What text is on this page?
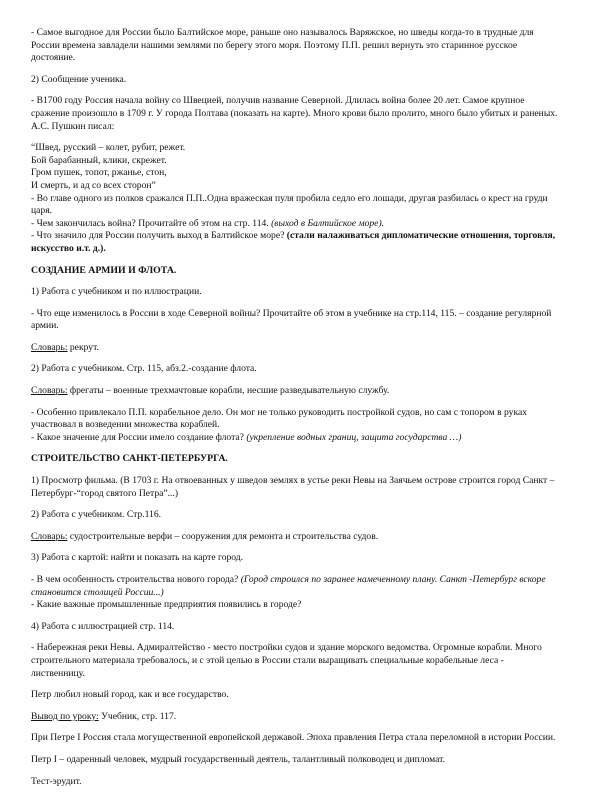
- Самое выгодное для России было Балтийское море, раньше оно называлось Варяжское, но шведы когда-то в трудные для России времена завладели нашими землями по берегу этого моря. Поэтому П.П. решил вернуть это старинное русское достояние.

2) Сообщение ученика.

- В1700 году Россия начала войну со Швецией, получив название Северной. Длилась война более 20 лет. Самое крупное сражение произошло в 1709 г. У города Полтава (показать на карте). Много крови было пролито, много было убитых и раненых. А.С. Пушкин писал:

“Швед, русский – колет, рубит, режет.
Бой барабанный, клики, скрежет.
Гром пушек, топот, ржанье, стон,
И смерть, и ад со всех сторон”

- Во главе одного из полков сражался П.П..Одна вражеская пуля пробила седло его лошади, другая разбилась о крест на груди царя.

- Чем закончилась война? Прочитайте об этом на стр. 114. (выход в Балтийское море).

- Что значило для России получить выход в Балтийское море? (стали налаживаться дипломатические отношения, торговля, искусство и.т. д.).

СОЗДАНИЕ АРМИИ И ФЛОТА.

1) Работа с учебником и по иллюстрации.

- Что еще изменилось в России в ходе Северной войны? Прочитайте об этом в учебнике на стр.114, 115. – создание регулярной армии.

Словарь: рекрут.

2) Работа с учебником. Стр. 115, абз.2.-создание флота.

Словарь: фрегаты – военные трехмачтовые корабли, несшие разведывательную службу.

- Особенно привлекало П.П. корабельное дело. Он мог не только руководить постройкой судов, но сам с топором в руках участвовал в возведении множества кораблей.

- Какое значение для России имело создание флота? (укрепление водных границ, защита государства …)

СТРОИТЕЛЬСТВО САНКТ-ПЕТЕРБУРГА.

1) Просмотр фильма. (В 1703 г. На отвоеванных у шведов землях в устье реки Невы на Заячьем острове строится город Санкт –Петербург-“город святого Петра”...)

2) Работа с учебником. Стр.116.

Словарь: судостроительные верфи – сооружения для ремонта и строительства судов.

3) Работа с картой: найти и показать на карте город.

- В чем особенность строительства нового города? (Город строился по заранее намеченному плану. Санкт -Петербург вскоре становится столицей России...)

- Какие важные промышленные предприятия появились в городе?

4) Работа с иллюстрацией стр. 114.

- Набережная реки Невы. Адмиралтейство - место постройки судов и здание морского ведомства. Огромные корабли. Много строительного материала требовалось, и с этой целью в России стали выращивать специальные корабельные леса - лиственницу.

Петр любил новый город, как и все государство.

Вывод по уроку: Учебник, стр. 117.

При Петре I Россия стала могущественной европейской державой. Эпоха правления Петра стала переломной в истории России.

Петр I – одаренный человек, мудрый государственный деятель, талантливый полководец и дипломат.

Тест-эрудит.
